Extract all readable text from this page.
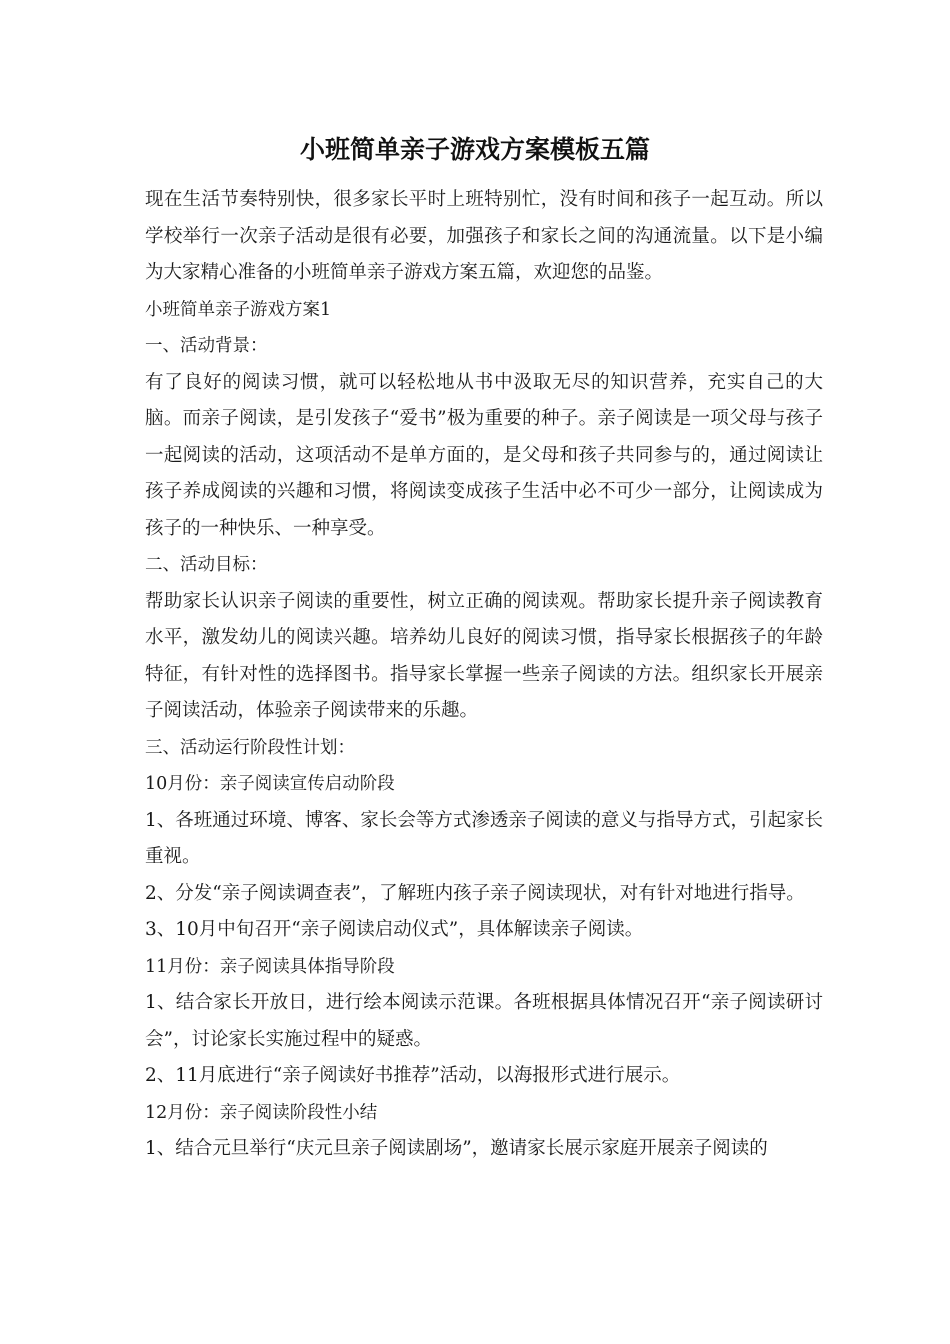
小班简单亲子游戏方案模板五篇

现在生活节奏特别快，很多家长平时上班特别忙，没有时间和孩子一起互动。所以学校举行一次亲子活动是很有必要，加强孩子和家长之间的沟通流量。以下是小编为大家精心准备的小班简单亲子游戏方案五篇，欢迎您的品鉴。

小班简单亲子游戏方案1

一、活动背景：

有了良好的阅读习惯，就可以轻松地从书中汲取无尽的知识营养，充实自己的大脑。而亲子阅读，是引发孩子“爱书”极为重要的种子。亲子阅读是一项父母与孩子一起阅读的活动，这项活动不是单方面的，是父母和孩子共同参与的，通过阅读让孩子养成阅读的兴趣和习惯，将阅读变成孩子生活中必不可少一部分，让阅读成为孩子的一种快乐、一种享受。

二、活动目标：

帮助家长认识亲子阅读的重要性，树立正确的阅读观。帮助家长提升亲子阅读教育水平，激发幼儿的阅读兴趣。培养幼儿良好的阅读习惯，指导家长根据孩子的年龄特征，有针对性的选择图书。指导家长掌握一些亲子阅读的方法。组织家长开展亲子阅读活动，体验亲子阅读带来的乐趣。

三、活动运行阶段性计划：

10月份：亲子阅读宣传启动阶段

1、各班通过环境、博客、家长会等方式渗透亲子阅读的意义与指导方式，引起家长重视。

2、分发“亲子阅读调查表”，了解班内孩子亲子阅读现状，对有针对地进行指导。

3、10月中旬召开“亲子阅读启动仪式”，具体解读亲子阅读。

11月份：亲子阅读具体指导阶段

1、结合家长开放日，进行绘本阅读示范课。各班根据具体情况召开“亲子阅读研讨会”，讨论家长实施过程中的疑惑。

2、11月底进行“亲子阅读好书推荐”活动，以海报形式进行展示。

12月份：亲子阅读阶段性小结

1、结合元旦举行“庆元旦亲子阅读剧场”，邀请家长展示家庭开展亲子阅读的
